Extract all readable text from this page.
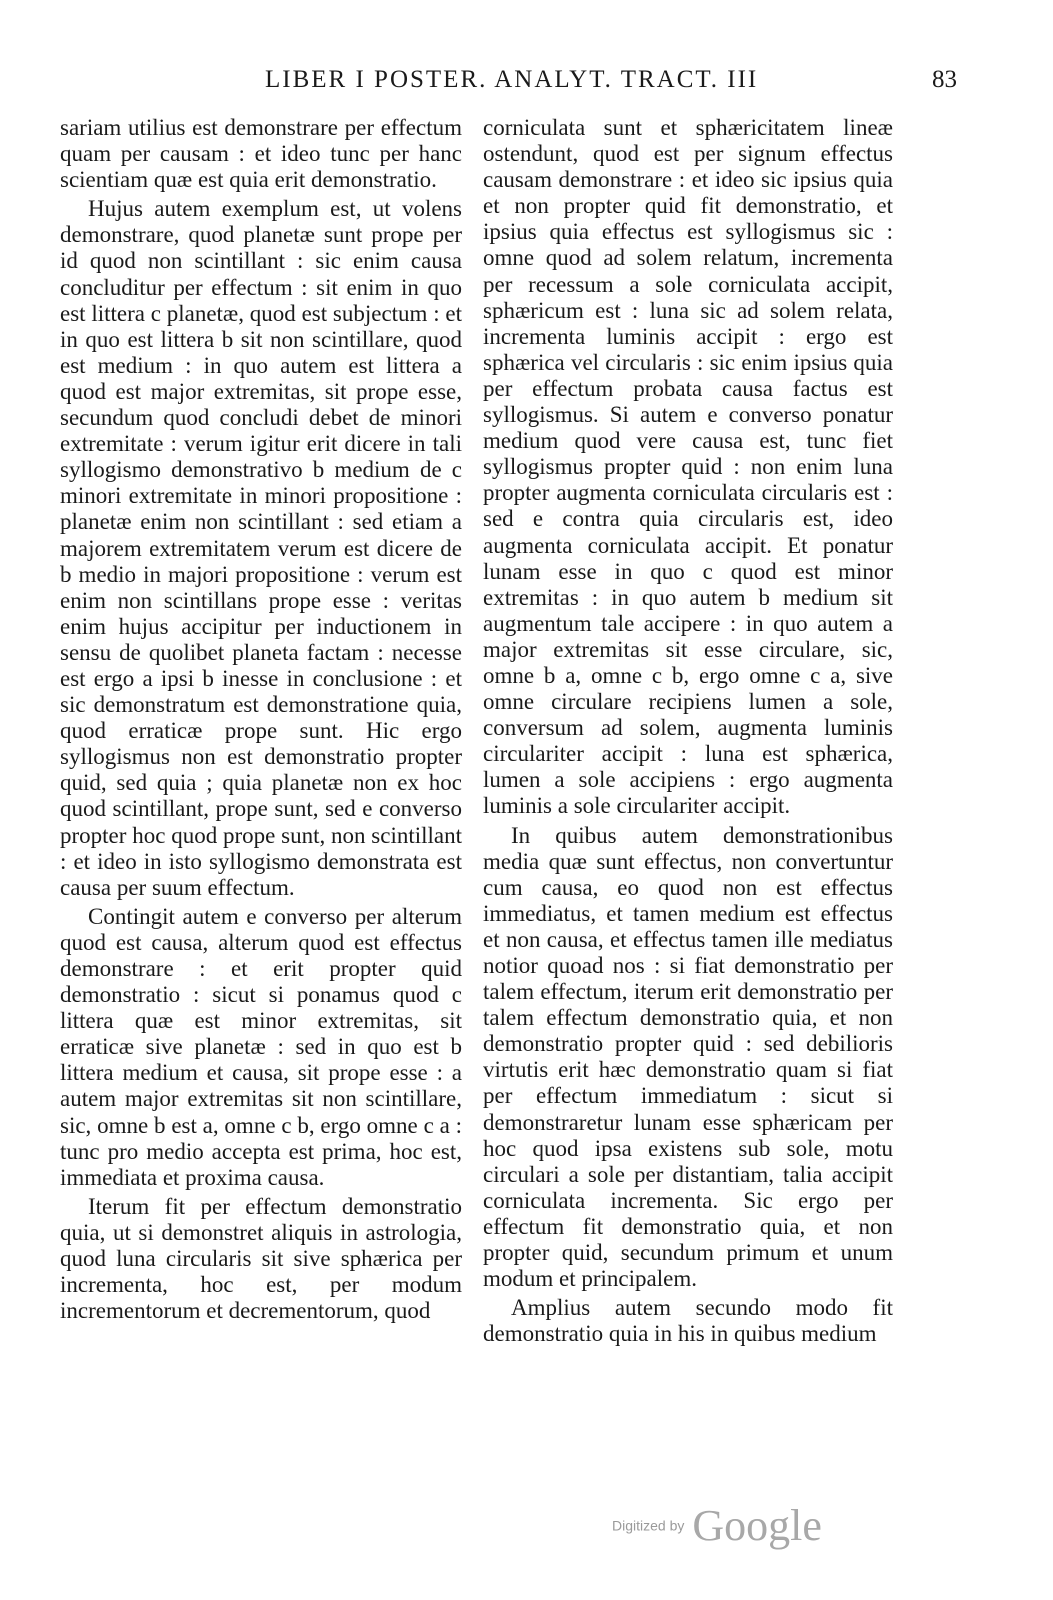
LIBER I POSTER. ANALYT. TRACT. III	83

sariam utilius est demonstrare per effectum quam per causam : et ideo tunc per hanc scientiam quæ est quia erit demonstratio.

Hujus autem exemplum est, ut volens demonstrare, quod planetæ sunt prope per id quod non scintillant : sic enim causa concluditur per effectum : sit enim in quo est littera c planetæ, quod est subjectum : et in quo est littera b sit non scintillare, quod est medium : in quo autem est littera a quod est major extremitas, sit prope esse, secundum quod concludi debet de minori extremitate : verum igitur erit dicere in tali syllogismo demonstrativo b medium de c minori extremitate in minori propositione : planetæ enim non scintillant : sed etiam a majorem extremitatem verum est dicere de b medio in majori propositione : verum est enim non scintillans prope esse : veritas enim hujus accipitur per inductionem in sensu de quolibet planeta factam : necesse est ergo a ipsi b inesse in conclusione : et sic demonstratum est demonstratione quia, quod erraticæ prope sunt. Hic ergo syllogismus non est demonstratio propter quid, sed quia ; quia planetæ non ex hoc quod scintillant, prope sunt, sed e converso propter hoc quod prope sunt, non scintillant : et ideo in isto syllogismo demonstrata est causa per suum effectum.

Contingit autem e converso per alterum quod est causa, alterum quod est effectus demonstrare : et erit propter quid demonstratio : sicut si ponamus quod c littera quæ est minor extremitas, sit erraticæ sive planetæ : sed in quo est b littera medium et causa, sit prope esse : a autem major extremitas sit non scintillare, sic, omne b est a, omne c b, ergo omne c a : tunc pro medio accepta est prima, hoc est, immediata et proxima causa.

Iterum fit per effectum demonstratio quia, ut si demonstret aliquis in astrologia, quod luna circularis sit sive sphærica per incrementa, hoc est, per modum incrementorum et decrementorum, quod

corniculata sunt et sphæricitatem lineæ ostendunt, quod est per signum effectus causam demonstrare : et ideo sic ipsius quia et non propter quid fit demonstratio, et ipsius quia effectus est syllogismus sic : omne quod ad solem relatum, incrementa per recessum a sole corniculata accipit, sphæricum est : luna sic ad solem relata, incrementa luminis accipit : ergo est sphærica vel circularis : sic enim ipsius quia per effectum probata causa factus est syllogismus. Si autem e converso ponatur medium quod vere causa est, tunc fiet syllogismus propter quid : non enim luna propter augmenta corniculata circularis est : sed e contra quia circularis est, ideo augmenta corniculata accipit. Et ponatur lunam esse in quo c quod est minor extremitas : in quo autem b medium sit augmentum tale accipere : in quo autem a major extremitas sit esse circulare, sic, omne b a, omne c b, ergo omne c a, sive omne circulare recipiens lumen a sole, conversum ad solem, augmenta luminis circulariter accipit : luna est sphærica, lumen a sole accipiens : ergo augmenta luminis a sole circulariter accipit.

In quibus autem demonstrationibus media quæ sunt effectus, non convertuntur cum causa, eo quod non est effectus immediatus, et tamen medium est effectus et non causa, et effectus tamen ille mediatus notior quoad nos : si fiat demonstratio per talem effectum, iterum erit demonstratio per talem effectum demonstratio quia, et non demonstratio propter quid : sed debilioris virtutis erit hæc demonstratio quam si fiat per effectum immediatum : sicut si demonstraretur lunam esse sphæricam per hoc quod ipsa existens sub sole, motu circulari a sole per distantiam, talia accipit corniculata incrementa. Sic ergo per effectum fit demonstratio quia, et non propter quid, secundum primum et unum modum et principalem.

Amplius autem secundo modo fit demonstratio quia in his in quibus medium

Digitized by Google
